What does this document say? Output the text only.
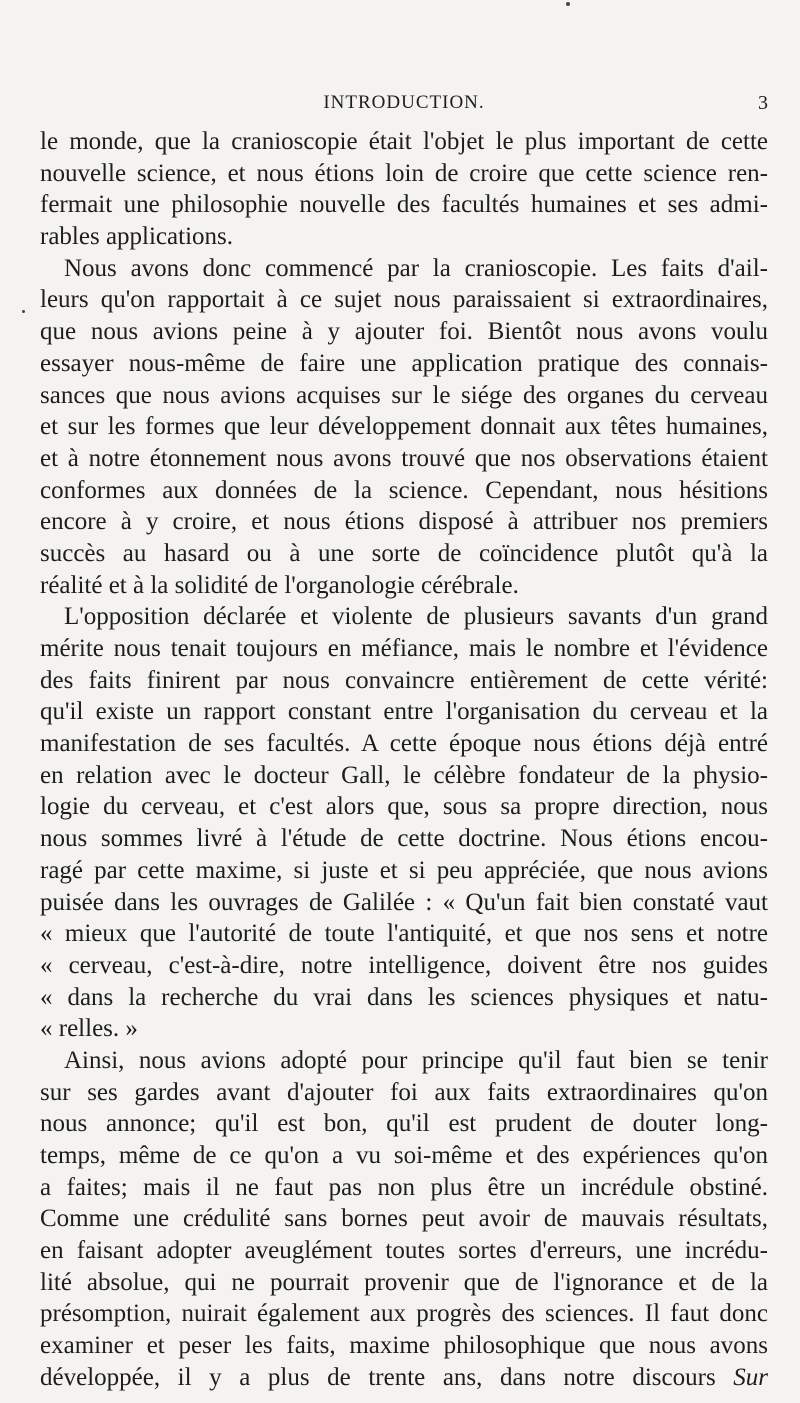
INTRODUCTION.	3
le monde, que la cranioscopie était l'objet le plus important de cette
nouvelle science, et nous étions loin de croire que cette science ren-
fermait une philosophie nouvelle des facultés humaines et ses admi-
rables applications.
Nous avons donc commencé par la cranioscopie. Les faits d'ail-
leurs qu'on rapportait à ce sujet nous paraissaient si extraordinaires,
que nous avions peine à y ajouter foi. Bientôt nous avons voulu
essayer nous-même de faire une application pratique des connais-
sances que nous avions acquises sur le siége des organes du cerveau
et sur les formes que leur développement donnait aux têtes humaines,
et à notre étonnement nous avons trouvé que nos observations étaient
conformes aux données de la science. Cependant, nous hésitions
encore à y croire, et nous étions disposé à attribuer nos premiers
succès au hasard ou à une sorte de coïncidence plutôt qu'à la
réalité et à la solidité de l'organologie cérébrale.
L'opposition déclarée et violente de plusieurs savants d'un grand
mérite nous tenait toujours en méfiance, mais le nombre et l'évidence
des faits finirent par nous convaincre entièrement de cette vérité:
qu'il existe un rapport constant entre l'organisation du cerveau et la
manifestation de ses facultés. A cette époque nous étions déjà entré
en relation avec le docteur Gall, le célèbre fondateur de la physio-
logie du cerveau, et c'est alors que, sous sa propre direction, nous
nous sommes livré à l'étude de cette doctrine. Nous étions encou-
ragé par cette maxime, si juste et si peu appréciée, que nous avions
puisée dans les ouvrages de Galilée : « Qu'un fait bien constaté vaut
« mieux que l'autorité de toute l'antiquité, et que nos sens et notre
« cerveau, c'est-à-dire, notre intelligence, doivent être nos guides
« dans la recherche du vrai dans les sciences physiques et natu-
« relles. »
Ainsi, nous avions adopté pour principe qu'il faut bien se tenir
sur ses gardes avant d'ajouter foi aux faits extraordinaires qu'on
nous annonce; qu'il est bon, qu'il est prudent de douter long-
temps, même de ce qu'on a vu soi-même et des expériences qu'on
a faites; mais il ne faut pas non plus être un incrédule obstiné.
Comme une crédulité sans bornes peut avoir de mauvais résultats,
en faisant adopter aveuglément toutes sortes d'erreurs, une incrédu-
lité absolue, qui ne pourrait provenir que de l'ignorance et de la
présomption, nuirait également aux progrès des sciences. Il faut donc
examiner et peser les faits, maxime philosophique que nous avons
développée, il y a plus de trente ans, dans notre discours Sur
